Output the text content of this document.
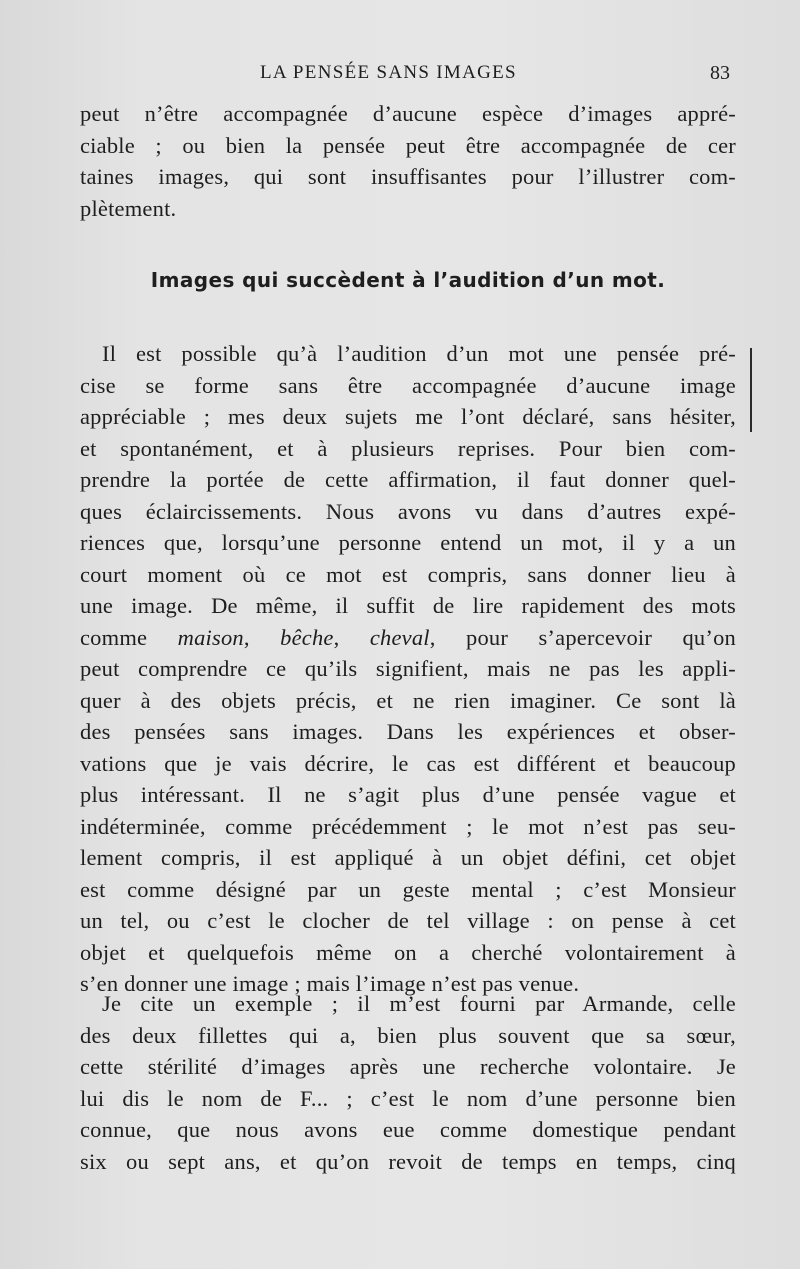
LA PENSÉE SANS IMAGES	83
peut n’être accompagnée d’aucune espèce d’images appré-
ciable ; ou bien la pensée peut être accompagnée de cer
taines images, qui sont insuffisantes pour l’illustrer com-
plètement.
Images qui succèdent à l’audition d’un mot.
Il est possible qu’à l’audition d’un mot une pensée pré-
cise se forme sans être accompagnée d’aucune image
appréciable ; mes deux sujets me l’ont déclaré, sans hésiter,
et spontanément, et à plusieurs reprises. Pour bien com-
prendre la portée de cette affirmation, il faut donner quel-
ques éclaircissements. Nous avons vu dans d’autres expé-
riences que, lorsqu’une personne entend un mot, il y a un
court moment où ce mot est compris, sans donner lieu à
une image. De même, il suffit de lire rapidement des mots
comme maison, bêche, cheval, pour s’apercevoir qu’on
peut comprendre ce qu’ils signifient, mais ne pas les appli-
quer à des objets précis, et ne rien imaginer. Ce sont là
des pensées sans images. Dans les expériences et obser-
vations que je vais décrire, le cas est différent et beaucoup
plus intéressant. Il ne s’agit plus d’une pensée vague et
indéterminée, comme précédemment ; le mot n’est pas seu-
lement compris, il est appliqué à un objet défini, cet objet
est comme désigné par un geste mental ; c’est Monsieur
un tel, ou c’est le clocher de tel village : on pense à cet
objet et quelquefois même on a cherché volontairement à
s’en donner une image ; mais l’image n’est pas venue.
Je cite un exemple ; il m’est fourni par Armande, celle
des deux fillettes qui a, bien plus souvent que sa sœur,
cette stérilité d’images après une recherche volontaire. Je
lui dis le nom de F... ; c’est le nom d’une personne bien
connue, que nous avons eue comme domestique pendant
six ou sept ans, et qu’on revoit de temps en temps, cinq
